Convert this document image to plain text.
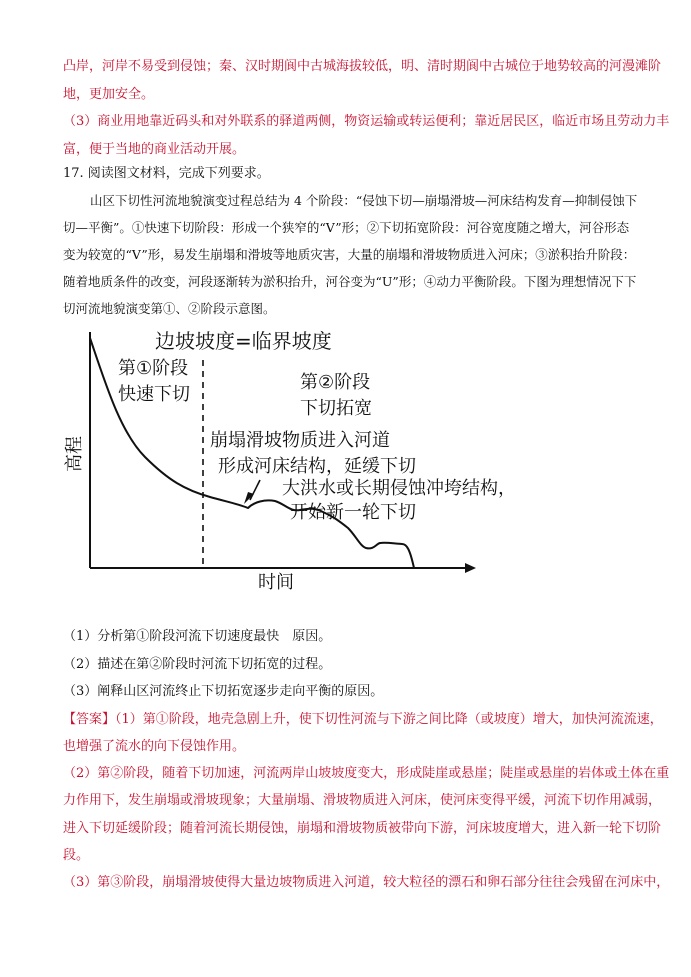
凸岸，河岸不易受到侵蚀；秦、汉时期阆中古城海拔较低，明、清时期阆中古城位于地势较高的河漫滩阶
地，更加安全。
（3）商业用地靠近码头和对外联系的驿道两侧，物资运输或转运便利；靠近居民区，临近市场且劳动力丰
富，便于当地的商业活动开展。
17. 阅读图文材料，完成下列要求。
山区下切性河流地貌演变过程总结为 4 个阶段：“侵蚀下切—崩塌滑坡—河床结构发育—抑制侵蚀下
切—平衡”。①快速下切阶段：形成一个狭窄的“V”形；②下切拓宽阶段：河谷宽度随之增大，河谷形态
变为较宽的“V”形，易发生崩塌和滑坡等地质灾害，大量的崩塌和滑坡物质进入河床；③淤积抬升阶段：
随着地质条件的改变，河段逐渐转为淤积抬升，河谷变为“U”形；④动力平衡阶段。下图为理想情况下下
切河流地貌演变第①、②阶段示意图。
边坡坡度=临界坡度
第①阶段
快速下切
第②阶段
下切拓宽
崩塌滑坡物质进入河道
形成河床结构，延缓下切
大洪水或长期侵蚀冲垮结构，
开始新一轮下切
高程
时间
（1）分析第①阶段河流下切速度最快　原因。
（2）描述在第②阶段时河流下切拓宽的过程。
（3）阐释山区河流终止下切拓宽逐步走向平衡的原因。
【答案】（1）第①阶段，地壳急剧上升，使下切性河流与下游之间比降（或坡度）增大，加快河流流速，
也增强了流水的向下侵蚀作用。
（2）第②阶段，随着下切加速，河流两岸山坡坡度变大，形成陡崖或悬崖；陡崖或悬崖的岩体或土体在重
力作用下，发生崩塌或滑坡现象；大量崩塌、滑坡物质进入河床，使河床变得平缓，河流下切作用减弱，
进入下切延缓阶段；随着河流长期侵蚀，崩塌和滑坡物质被带向下游，河床坡度增大，进入新一轮下切阶
段。
（3）第③阶段，崩塌滑坡使得大量边坡物质进入河道，较大粒径的漂石和卵石部分往往会残留在河床中，
